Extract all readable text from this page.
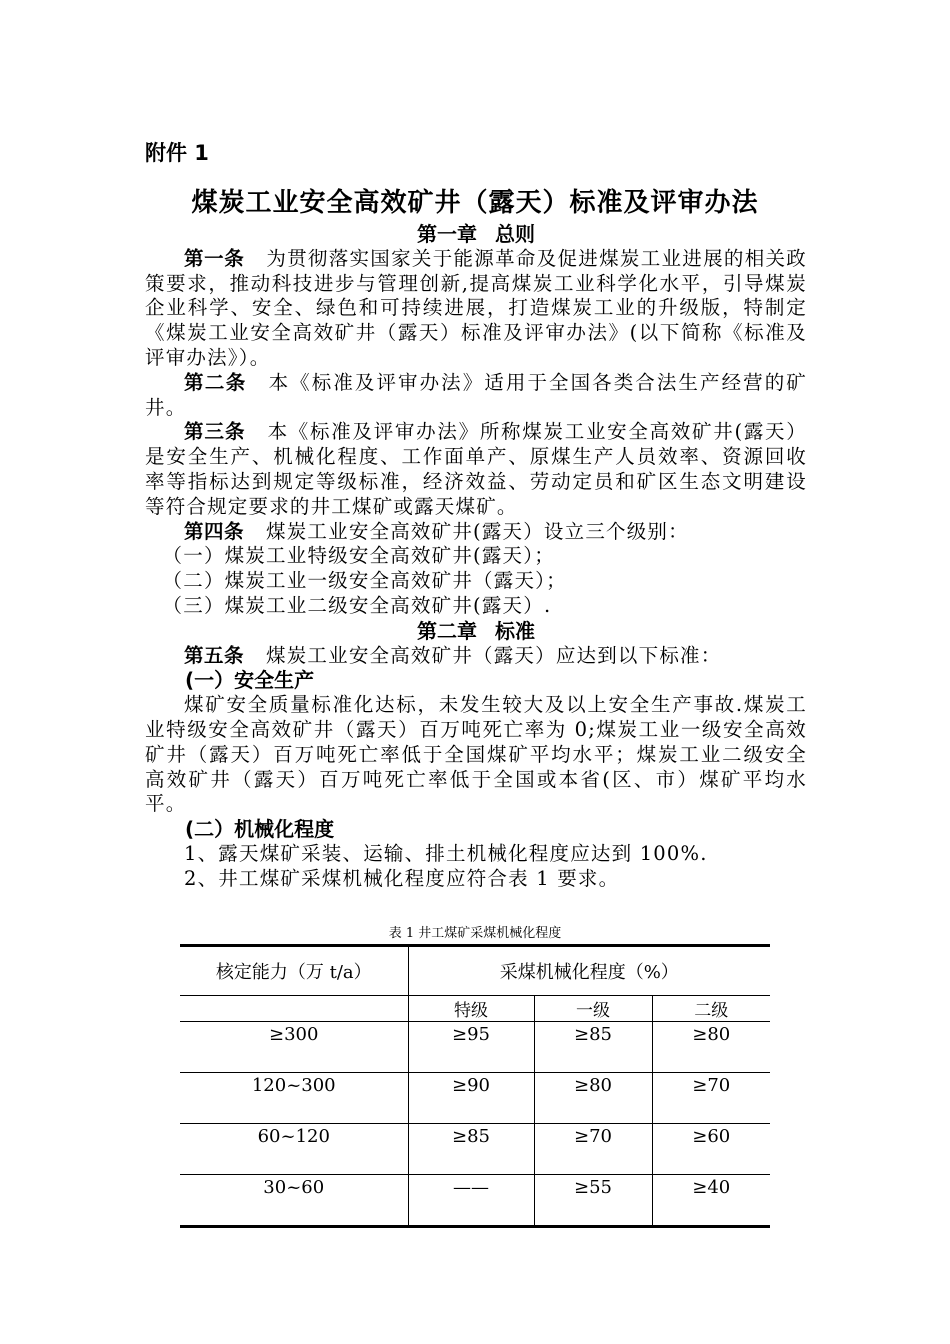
附件 1
煤炭工业安全高效矿井（露天）标准及评审办法
第一章 总则

第一条 为贯彻落实国家关于能源革命及促进煤炭工业进展的相关政策要求，推动科技进步与管理创新,提高煤炭工业科学化水平，引导煤炭企业科学、安全、绿色和可持续进展，打造煤炭工业的升级版，特制定《煤炭工业安全高效矿井（露天）标准及评审办法》(以下简称《标准及评审办法》）。

第二条 本《标准及评审办法》适用于全国各类合法生产经营的矿井。

第三条 本《标准及评审办法》所称煤炭工业安全高效矿井(露天）是安全生产、机械化程度、工作面单产、原煤生产人员效率、资源回收率等指标达到规定等级标准，经济效益、劳动定员和矿区生态文明建设等符合规定要求的井工煤矿或露天煤矿。

第四条 煤炭工业安全高效矿井(露天）设立三个级别：

（一）煤炭工业特级安全高效矿井(露天）；

（二）煤炭工业一级安全高效矿井（露天）；

（三）煤炭工业二级安全高效矿井(露天）.

第二章 标准

第五条 煤炭工业安全高效矿井（露天）应达到以下标准：

(一）安全生产

煤矿安全质量标准化达标，未发生较大及以上安全生产事故.煤炭工业特级安全高效矿井（露天）百万吨死亡率为 0;煤炭工业一级安全高效矿井（露天）百万吨死亡率低于全国煤矿平均水平；煤炭工业二级安全高效矿井（露天）百万吨死亡率低于全国或本省(区、市）煤矿平均水平。

(二）机械化程度

1、露天煤矿采装、运输、排土机械化程度应达到 100%.

2、井工煤矿采煤机械化程度应符合表 1 要求。

表 1 井工煤矿采煤机械化程度
核定能力（万 t/a）	采煤机械化程度（%）		
	特级	一级	二级
≥300	≥95	≥85	≥80
120~300	≥90	≥80	≥70
60~120	≥85	≥70	≥60
30~60	——	≥55	≥40
